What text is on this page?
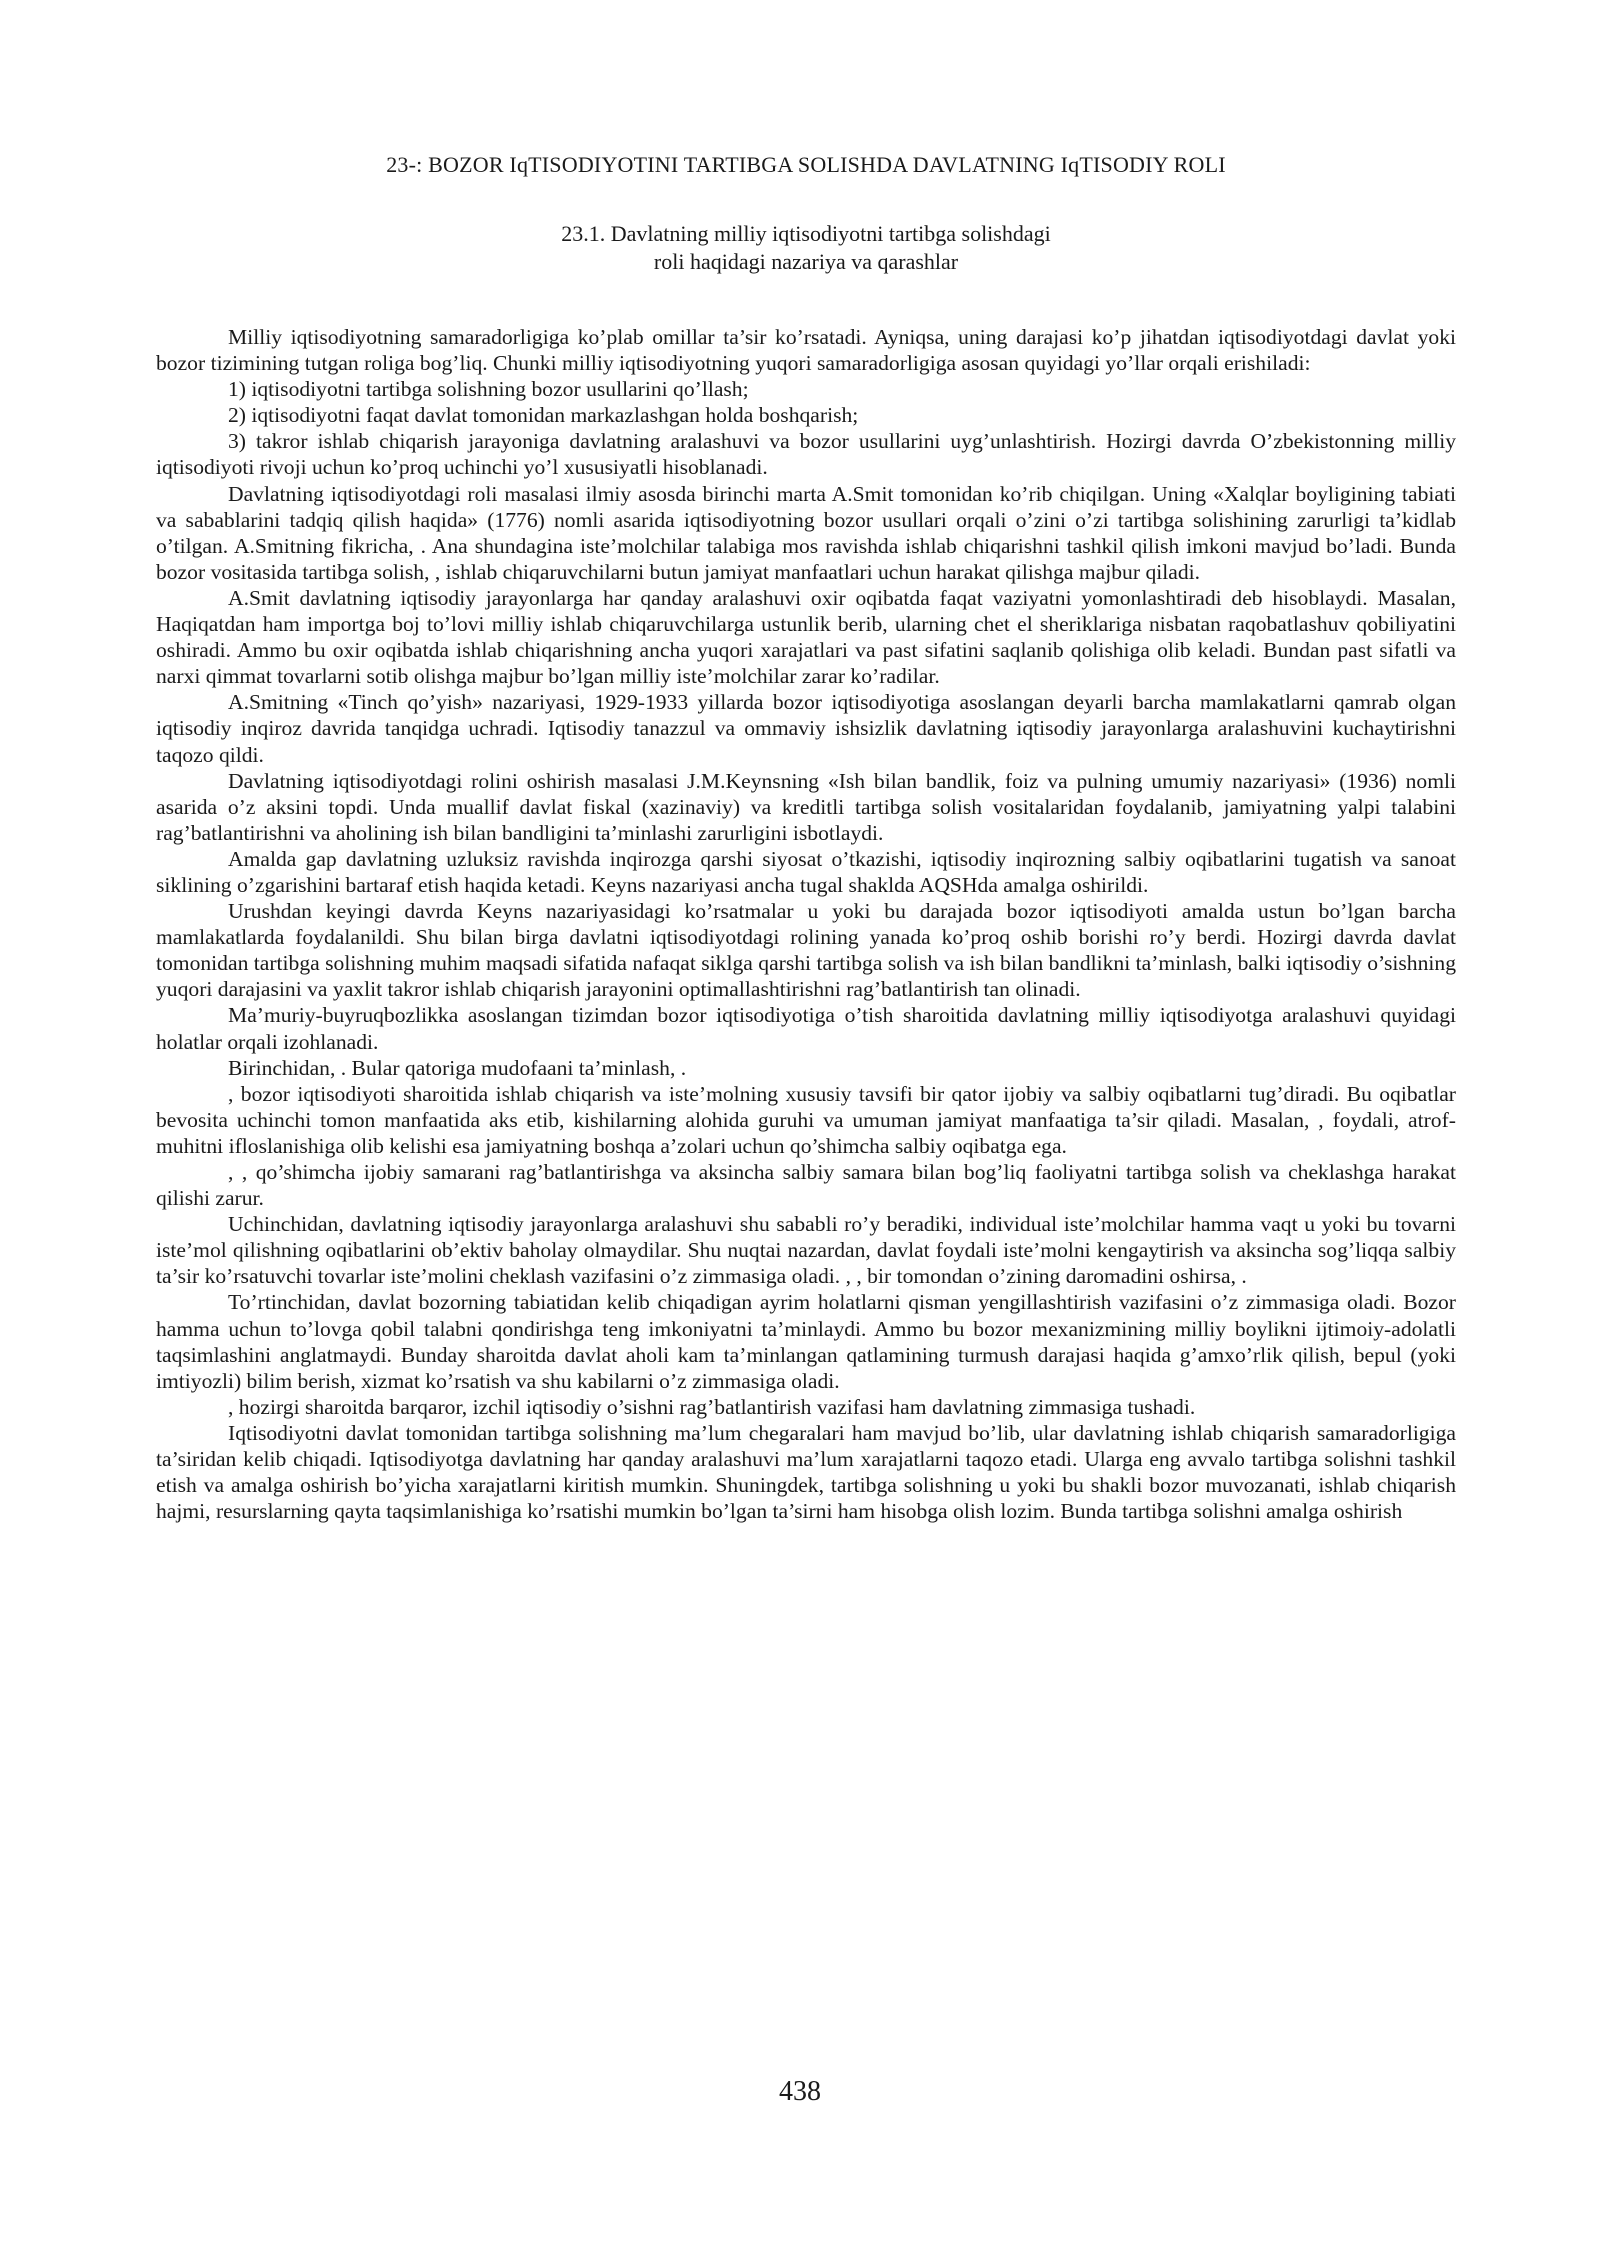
23-: BOZOR IqTISODIYOTINI TARTIBGA SOLISHDA DAVLATNING IqTISODIY ROLI
23.1. Davlatning milliy iqtisodiyotni tartibga solishdagi
roli haqidagi nazariya va qarashlar

Milliy iqtisodiyotning samaradorligiga ko’plab omillar ta’sir ko’rsatadi. Ayniqsa, uning darajasi ko’p jihatdan iqtisodiyotdagi davlat yoki bozor tizimining tutgan roliga bog’liq. Chunki milliy iqtisodiyotning yuqori samaradorligiga asosan quyidagi yo’llar orqali erishiladi:

1) iqtisodiyotni tartibga solishning bozor usullarini qo’llash;

2) iqtisodiyotni faqat davlat tomonidan markazlashgan holda boshqarish;

3) takror ishlab chiqarish jarayoniga davlatning aralashuvi va bozor usullarini uyg’unlashtirish. Hozirgi davrda O’zbekistonning milliy iqtisodiyoti rivoji uchun ko’proq uchinchi yo’l xususiyatli hisoblanadi.

Davlatning iqtisodiyotdagi roli masalasi ilmiy asosda birinchi marta A.Smit tomonidan ko’rib chiqilgan. Uning «Xalqlar boyligining tabiati va sabablarini tadqiq qilish haqida» (1776) nomli asarida iqtisodiyotning bozor usullari orqali o’zini o’zi tartibga solishining zarurligi ta’kidlab o’tilgan. A.Smitning fikricha, . Ana shundagina iste’molchilar talabiga mos ravishda ishlab chiqarishni tashkil qilish imkoni mavjud bo’ladi. Bunda bozor vositasida tartibga solish, , ishlab chiqaruvchilarni butun jamiyat manfaatlari uchun harakat qilishga majbur qiladi.

A.Smit davlatning iqtisodiy jarayonlarga har qanday aralashuvi oxir oqibatda faqat vaziyatni yomonlashtiradi deb hisoblaydi. Masalan, Haqiqatdan ham importga boj to’lovi milliy ishlab chiqaruvchilarga ustunlik berib, ularning chet el sheriklariga nisbatan raqobatlashuv qobiliyatini oshiradi. Ammo bu oxir oqibatda ishlab chiqarishning ancha yuqori xarajatlari va past sifatini saqlanib qolishiga olib keladi. Bundan past sifatli va narxi qimmat tovarlarni sotib olishga majbur bo’lgan milliy iste’molchilar zarar ko’radilar.

A.Smitning «Tinch qo’yish» nazariyasi, 1929-1933 yillarda bozor iqtisodiyotiga asoslangan deyarli barcha mamlakatlarni qamrab olgan iqtisodiy inqiroz davrida tanqidga uchradi. Iqtisodiy tanazzul va ommaviy ishsizlik davlatning iqtisodiy jarayonlarga aralashuvini kuchaytirishni taqozo qildi.

Davlatning iqtisodiyotdagi rolini oshirish masalasi J.M.Keynsning «Ish bilan bandlik, foiz va pulning umumiy nazariyasi» (1936) nomli asarida o’z aksini topdi. Unda muallif davlat fiskal (xazinaviy) va kreditli tartibga solish vositalaridan foydalanib, jamiyatning yalpi talabini rag’batlantirishni va aholining ish bilan bandligini ta’minlashi zarurligini isbotlaydi.

Amalda gap davlatning uzluksiz ravishda inqirozga qarshi siyosat o’tkazishi, iqtisodiy inqirozning salbiy oqibatlarini tugatish va sanoat siklining o’zgarishini bartaraf etish haqida ketadi. Keyns nazariyasi ancha tugal shaklda AQSHda amalga oshirildi.

Urushdan keyingi davrda Keyns nazariyasidagi ko’rsatmalar u yoki bu darajada bozor iqtisodiyoti amalda ustun bo’lgan barcha mamlakatlarda foydalanildi. Shu bilan birga davlatni iqtisodiyotdagi rolining yanada ko’proq oshib borishi ro’y berdi. Hozirgi davrda davlat tomonidan tartibga solishning muhim maqsadi sifatida nafaqat siklga qarshi tartibga solish va ish bilan bandlikni ta’minlash, balki iqtisodiy o’sishning yuqori darajasini va yaxlit takror ishlab chiqarish jarayonini optimallashtirishni rag’batlantirish tan olinadi.

Ma’muriy-buyruqbozlikka asoslangan tizimdan bozor iqtisodiyotiga o’tish sharoitida davlatning milliy iqtisodiyotga aralashuvi quyidagi holatlar orqali izohlanadi.

Birinchidan, . Bular qatoriga mudofaani ta’minlash, .

, bozor iqtisodiyoti sharoitida ishlab chiqarish va iste’molning xususiy tavsifi bir qator ijobiy va salbiy oqibatlarni tug’diradi. Bu oqibatlar bevosita uchinchi tomon manfaatida aks etib, kishilarning alohida guruhi va umuman jamiyat manfaatiga ta’sir qiladi. Masalan, , foydali, atrof-muhitni ifloslanishiga olib kelishi esa jamiyatning boshqa a’zolari uchun qo’shimcha salbiy oqibatga ega.

, , qo’shimcha ijobiy samarani rag’batlantirishga va aksincha salbiy samara bilan bog’liq faoliyatni tartibga solish va cheklashga harakat qilishi zarur.

Uchinchidan, davlatning iqtisodiy jarayonlarga aralashuvi shu sababli ro’y beradiki, individual iste’molchilar hamma vaqt u yoki bu tovarni iste’mol qilishning oqibatlarini ob’ektiv baholay olmaydilar. Shu nuqtai nazardan, davlat foydali iste’molni kengaytirish va aksincha sog’liqqa salbiy ta’sir ko’rsatuvchi tovarlar iste’molini cheklash vazifasini o’z zimmasiga oladi. , , bir tomondan o’zining daromadini oshirsa, .

To’rtinchidan, davlat bozorning tabiatidan kelib chiqadigan ayrim holatlarni qisman yengillashtirish vazifasini o’z zimmasiga oladi. Bozor hamma uchun to’lovga qobil talabni qondirishga teng imkoniyatni ta’minlaydi. Ammo bu bozor mexanizmining milliy boylikni ijtimoiy-adolatli taqsimlashini anglatmaydi. Bunday sharoitda davlat aholi kam ta’minlangan qatlamining turmush darajasi haqida g’amxo’rlik qilish, bepul (yoki imtiyozli) bilim berish, xizmat ko’rsatish va shu kabilarni o’z zimmasiga oladi.

, hozirgi sharoitda barqaror, izchil iqtisodiy o’sishni rag’batlantirish vazifasi ham davlatning zimmasiga tushadi.

Iqtisodiyotni davlat tomonidan tartibga solishning ma’lum chegaralari ham mavjud bo’lib, ular davlatning ishlab chiqarish samaradorligiga ta’siridan kelib chiqadi. Iqtisodiyotga davlatning har qanday aralashuvi ma’lum xarajatlarni taqozo etadi. Ularga eng avvalo tartibga solishni tashkil etish va amalga oshirish bo’yicha xarajatlarni kiritish mumkin. Shuningdek, tartibga solishning u yoki bu shakli bozor muvozanati, ishlab chiqarish hajmi, resurslarning qayta taqsimlanishiga ko’rsatishi mumkin bo’lgan ta’sirni ham hisobga olish lozim. Bunda tartibga solishni amalga oshirish

438
